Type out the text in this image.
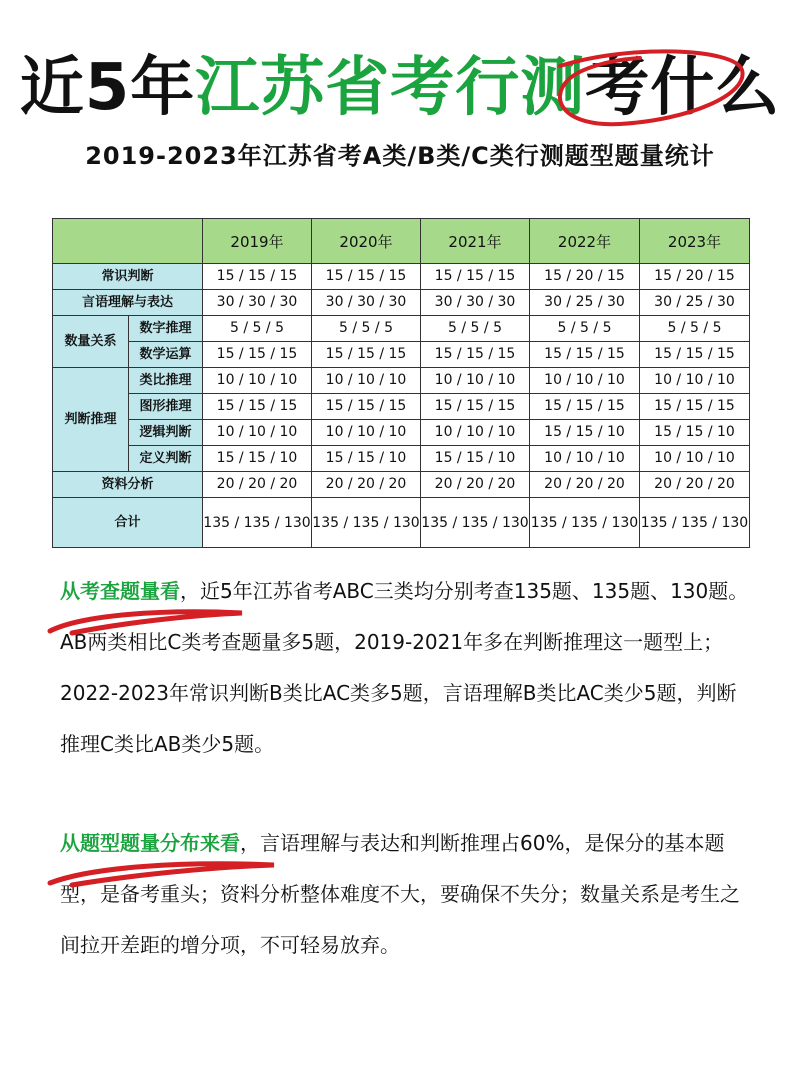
近5年江苏省考行测考什么
2019-2023年江苏省考A类/B类/C类行测题型题量统计
		2019年	2020年	2021年	2022年	2023年
常识判断		15 / 15 / 15	15 / 15 / 15	15 / 15 / 15	15 / 20 / 15	15 / 20 / 15
言语理解与表达		30 / 30 / 30	30 / 30 / 30	30 / 30 / 30	30 / 25 / 30	30 / 25 / 30
数量关系	数字推理	5 / 5 / 5	5 / 5 / 5	5 / 5 / 5	5 / 5 / 5	5 / 5 / 5
	数学运算	15 / 15 / 15	15 / 15 / 15	15 / 15 / 15	15 / 15 / 15	15 / 15 / 15
判断推理	类比推理	10 / 10 / 10	10 / 10 / 10	10 / 10 / 10	10 / 10 / 10	10 / 10 / 10
	图形推理	15 / 15 / 15	15 / 15 / 15	15 / 15 / 15	15 / 15 / 15	15 / 15 / 15
	逻辑判断	10 / 10 / 10	10 / 10 / 10	10 / 10 / 10	15 / 15 / 10	15 / 15 / 10
	定义判断	15 / 15 / 10	15 / 15 / 10	15 / 15 / 10	10 / 10 / 10	10 / 10 / 10
资料分析		20 / 20 / 20	20 / 20 / 20	20 / 20 / 20	20 / 20 / 20	20 / 20 / 20
合计		135 / 135 / 130	135 / 135 / 130	135 / 135 / 130	135 / 135 / 130	135 / 135 / 130
从考查题量看
，近5年江苏省考ABC三类均分别考查135题、135题、130题。AB两类相比C类考查题量多5题，2019-2021年多在判断推理这一题型上；2022-2023年常识判断B类比AC类多5题，言语理解B类比AC类少5题，判断推理C类比AB类少5题。
从题型题量分布来看
，言语理解与表达和判断推理占60%，是保分的基本题型，是备考重头；资料分析整体难度不大，要确保不失分；数量关系是考生之间拉开差距的增分项，不可轻易放弃。
